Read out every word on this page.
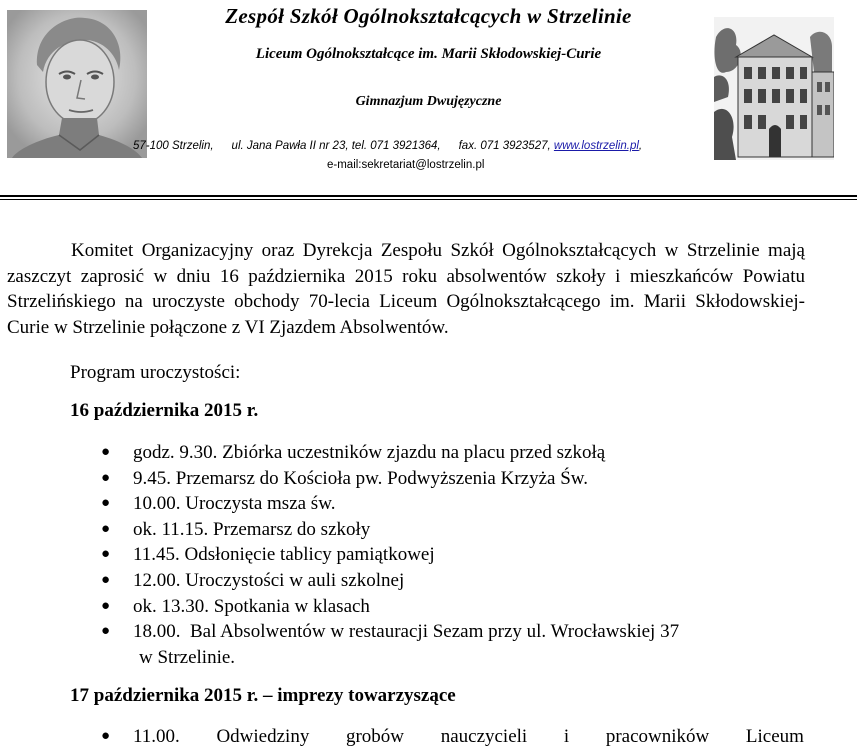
Zespół Szkół Ogólnokształcących w Strzelinie
Liceum Ogólnokształcące im. Marii Skłodowskiej-Curie
Gimnazjum Dwujęzyczne
57-100 Strzelin, ul. Jana Pawła II nr 23, tel. 071 3921364, fax. 071 3923527, www.lostrzelin.pl,
e-mail:sekretariat@lostrzelin.pl

Komitet Organizacyjny oraz Dyrekcja Zespołu Szkół Ogólnokształcących w Strzelinie mają zaszczyt zaprosić w dniu 16 października 2015 roku absolwentów szkoły i mieszkańców Powiatu Strzelińskiego na uroczyste obchody 70-lecia Liceum Ogólnokształcącego im. Marii Skłodowskiej-Curie w Strzelinie połączone z VI Zjazdem Absolwentów.

Program uroczystości:
16 października 2015 r.
● godz. 9.30. Zbiórka uczestników zjazdu na placu przed szkołą
● 9.45. Przemarsz do Kościoła pw. Podwyższenia Krzyża Św.
● 10.00. Uroczysta msza św.
● ok. 11.15. Przemarsz do szkoły
● 11.45. Odsłonięcie tablicy pamiątkowej
● 12.00. Uroczystości w auli szkolnej
● ok. 13.30. Spotkania w klasach
● 18.00.  Bal Absolwentów w restauracji Sezam przy ul. Wrocławskiej 37
w Strzelinie.
17 października 2015 r. – imprezy towarzyszące
● 11.00. Odwiedziny grobów nauczycieli i pracowników Liceum
